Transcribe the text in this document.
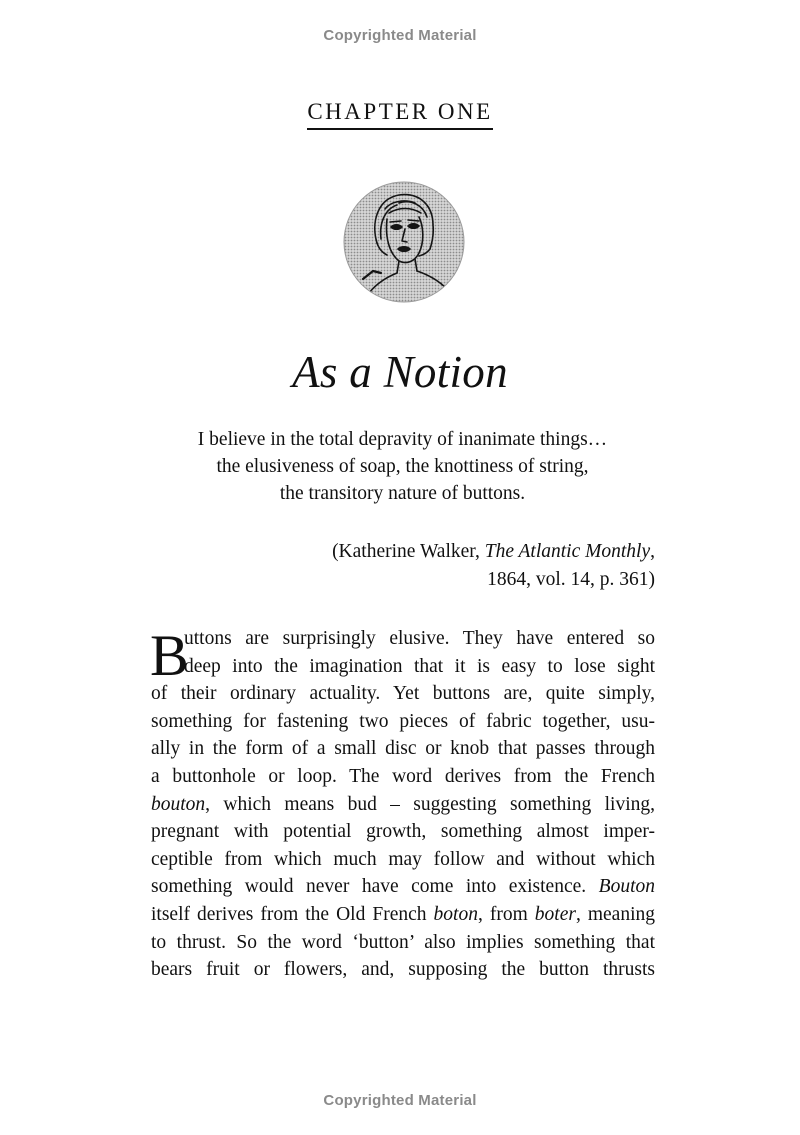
Copyrighted Material
CHAPTER ONE
As a Notion
I believe in the total depravity of inanimate things…
the elusiveness of soap, the knottiness of string,
the transitory nature of buttons.
(Katherine Walker, The Atlantic Monthly,
1864, vol. 14, p. 361)
B
uttons are surprisingly elusive. They have entered so
deep into the imagination that it is easy to lose sight
of their ordinary actuality. Yet buttons are, quite simply,
something for fastening two pieces of fabric together, usu-
ally in the form of a small disc or knob that passes through
a buttonhole or loop. The word derives from the French
bouton, which means bud – suggesting something living,
pregnant with potential growth, something almost imper-
ceptible from which much may follow and without which
something would never have come into existence. Bouton
itself derives from the Old French boton, from boter, meaning
to thrust. So the word ‘button’ also implies something that
bears fruit or flowers, and, supposing the button thrusts
Copyrighted Material
